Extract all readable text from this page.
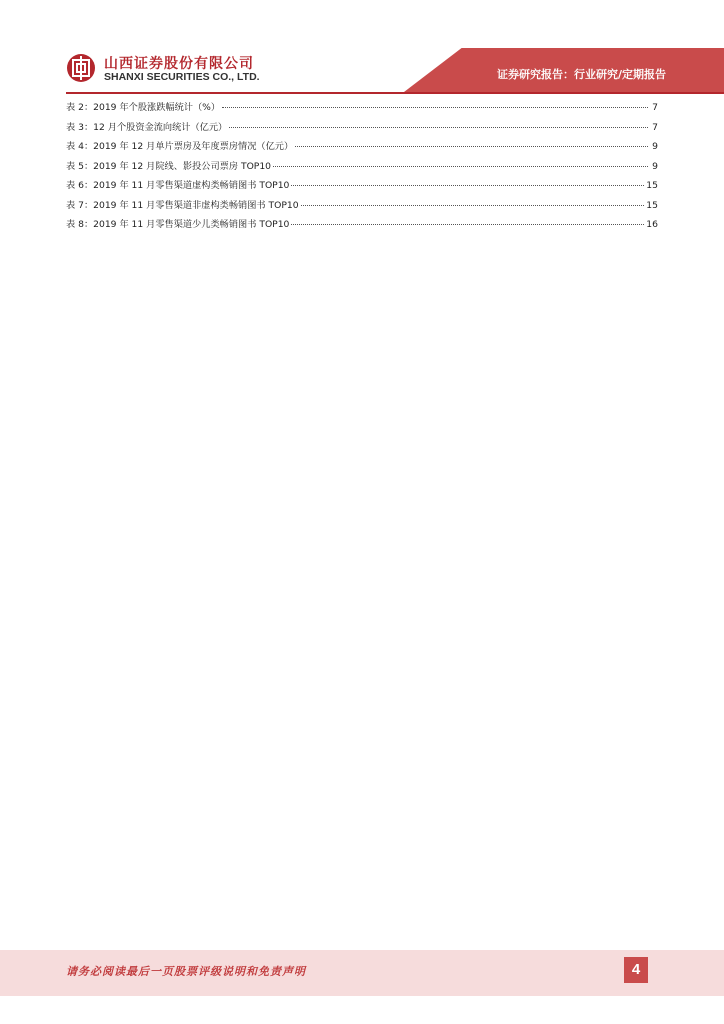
山西证券股份有限公司
SHANXI SECURITIES CO., LTD.	证券研究报告：行业研究/定期报告
表 2：2019 年个股涨跌幅统计（%）	7
表 3：12 月个股资金流向统计（亿元）	7
表 4：2019 年 12 月单片票房及年度票房情况（亿元）	9
表 5：2019 年 12 月院线、影投公司票房 TOP10	9
表 6：2019 年 11 月零售渠道虚构类畅销图书 TOP10	15
表 7：2019 年 11 月零售渠道非虚构类畅销图书 TOP10	15
表 8：2019 年 11 月零售渠道少儿类畅销图书 TOP10	16
请务必阅读最后一页股票评级说明和免责声明	4
